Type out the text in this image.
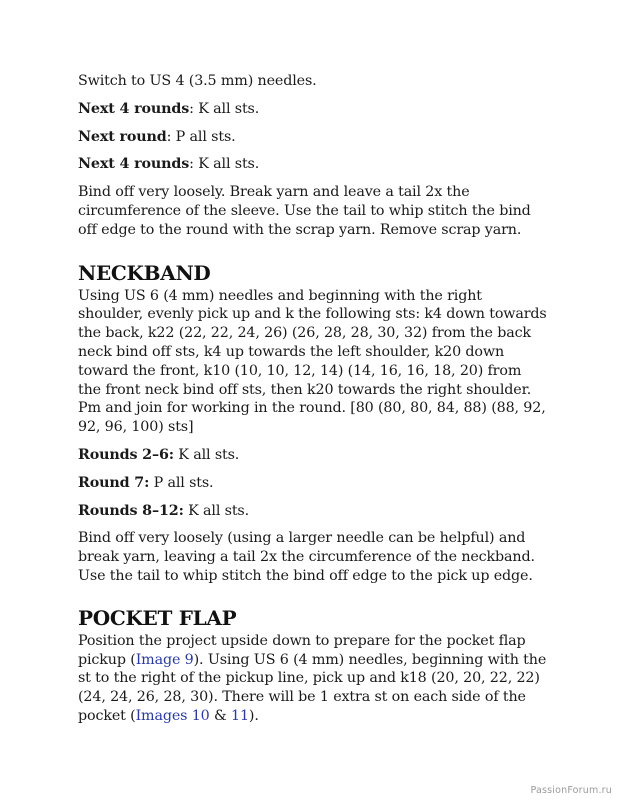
Switch to US 4 (3.5 mm) needles.

Next 4 rounds: K all sts.

Next round: P all sts.

Next 4 rounds: K all sts.

Bind off very loosely. Break yarn and leave a tail 2x the circumference of the sleeve. Use the tail to whip stitch the bind off edge to the round with the scrap yarn. Remove scrap yarn.

NECKBAND

Using US 6 (4 mm) needles and beginning with the right shoulder, evenly pick up and k the following sts: k4 down towards the back, k22 (22, 22, 24, 26) (26, 28, 28, 30, 32) from the back neck bind off sts, k4 up towards the left shoulder, k20 down toward the front, k10 (10, 10, 12, 14) (14, 16, 16, 18, 20) from the front neck bind off sts, then k20 towards the right shoulder. Pm and join for working in the round. [80 (80, 80, 84, 88) (88, 92, 92, 96, 100) sts]

Rounds 2–6: K all sts.

Round 7: P all sts.

Rounds 8–12: K all sts.

Bind off very loosely (using a larger needle can be helpful) and break yarn, leaving a tail 2x the circumference of the neckband. Use the tail to whip stitch the bind off edge to the pick up edge.

POCKET FLAP

Position the project upside down to prepare for the pocket flap pickup (Image 9). Using US 6 (4 mm) needles, beginning with the st to the right of the pickup line, pick up and k18 (20, 20, 22, 22) (24, 24, 26, 28, 30). There will be 1 extra st on each side of the pocket (Images 10 & 11).

PassionForum.ru
